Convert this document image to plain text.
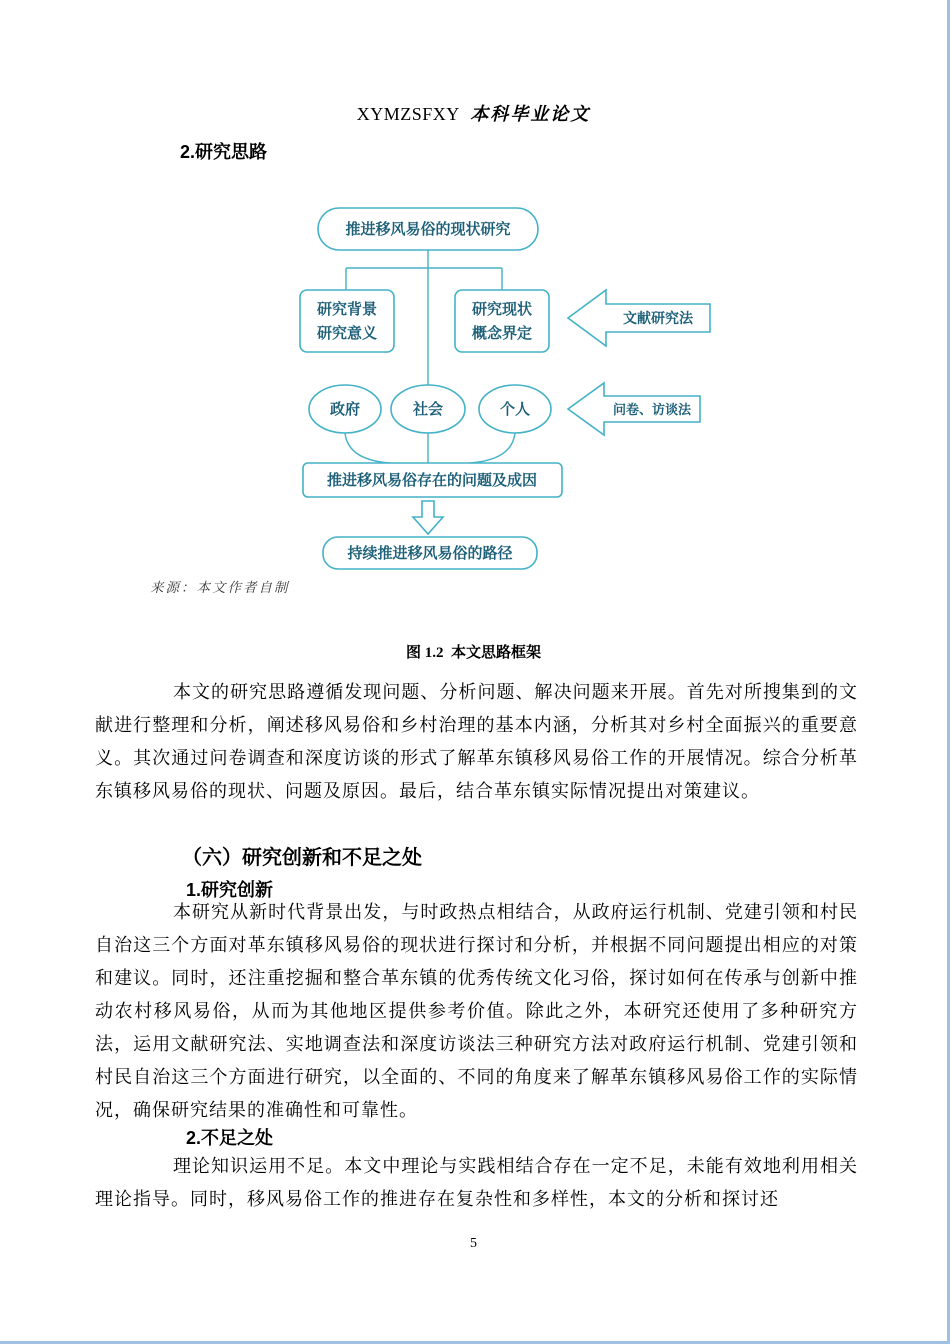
XYMZSFXY 本科毕业论文
2.研究思路
推进移风易俗的现状研究
研究背景
研究意义
研究现状
概念界定
文献研究法
政府	社会	个人	问卷、访谈法
推进移风易俗存在的问题及成因
持续推进移风易俗的路径
来源：本文作者自制
图 1.2  本文思路框架

本文的研究思路遵循发现问题、分析问题、解决问题来开展。首先对所搜集到的文献进行整理和分析，阐述移风易俗和乡村治理的基本内涵，分析其对乡村全面振兴的重要意义。其次通过问卷调查和深度访谈的形式了解革东镇移风易俗工作的开展情况。综合分析革东镇移风易俗的现状、问题及原因。最后，结合革东镇实际情况提出对策建议。

（六）研究创新和不足之处
1.研究创新

本研究从新时代背景出发，与时政热点相结合，从政府运行机制、党建引领和村民自治这三个方面对革东镇移风易俗的现状进行探讨和分析，并根据不同问题提出相应的对策和建议。同时，还注重挖掘和整合革东镇的优秀传统文化习俗，探讨如何在传承与创新中推动农村移风易俗，从而为其他地区提供参考价值。除此之外，本研究还使用了多种研究方法，运用文献研究法、实地调查法和深度访谈法三种研究方法对政府运行机制、党建引领和村民自治这三个方面进行研究，以全面的、不同的角度来了解革东镇移风易俗工作的实际情况，确保研究结果的准确性和可靠性。

2.不足之处

理论知识运用不足。本文中理论与实践相结合存在一定不足，未能有效地利用相关理论指导。同时，移风易俗工作的推进存在复杂性和多样性，本文的分析和探讨还

5
